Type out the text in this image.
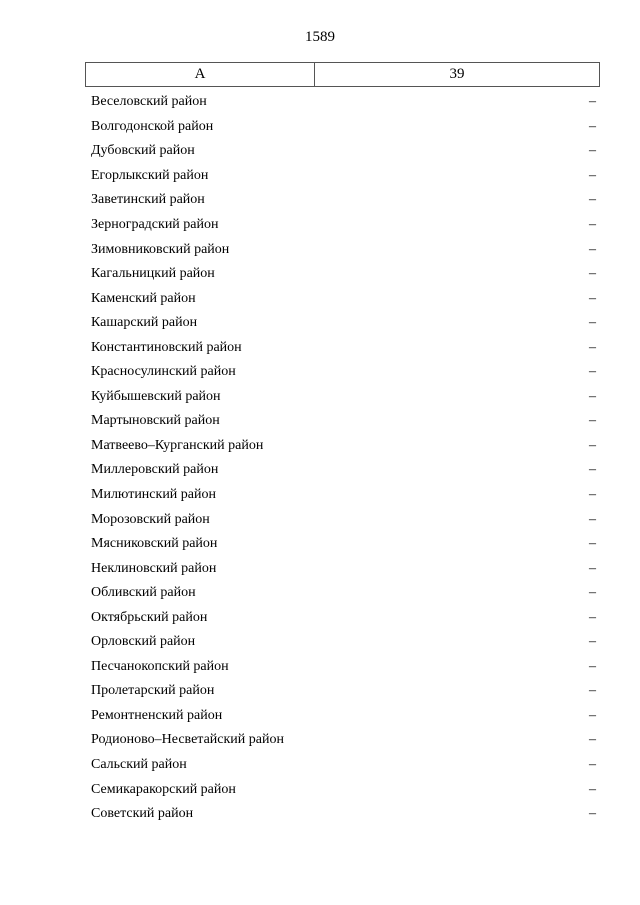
1589
А	39
Веселовский район	–
Волгодонской район	–
Дубовский район	–
Егорлыкский район	–
Заветинский район	–
Зерноградский район	–
Зимовниковский район	–
Кагальницкий район	–
Каменский район	–
Кашарский район	–
Константиновский район	–
Красносулинский район	–
Куйбышевский район	–
Мартыновский район	–
Матвеево–Курганский район	–
Миллеровский район	–
Милютинский район	–
Морозовский район	–
Мясниковский район	–
Неклиновский район	–
Обливский район	–
Октябрьский район	–
Орловский район	–
Песчанокопский район	–
Пролетарский район	–
Ремонтненский район	–
Родионово–Несветайский район	–
Сальский район	–
Семикаракорский район	–
Советский район	–
